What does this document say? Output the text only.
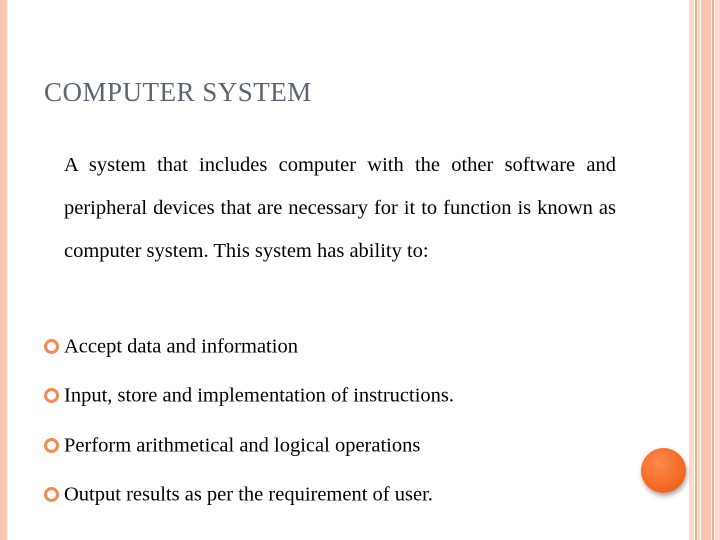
COMPUTER SYSTEM

A system that includes computer with the other software and peripheral devices that are necessary for it to function is known as computer system. This system has ability to:

Accept data and information
Input, store and implementation of instructions.
Perform arithmetical and logical operations
Output results as per the requirement of user.
